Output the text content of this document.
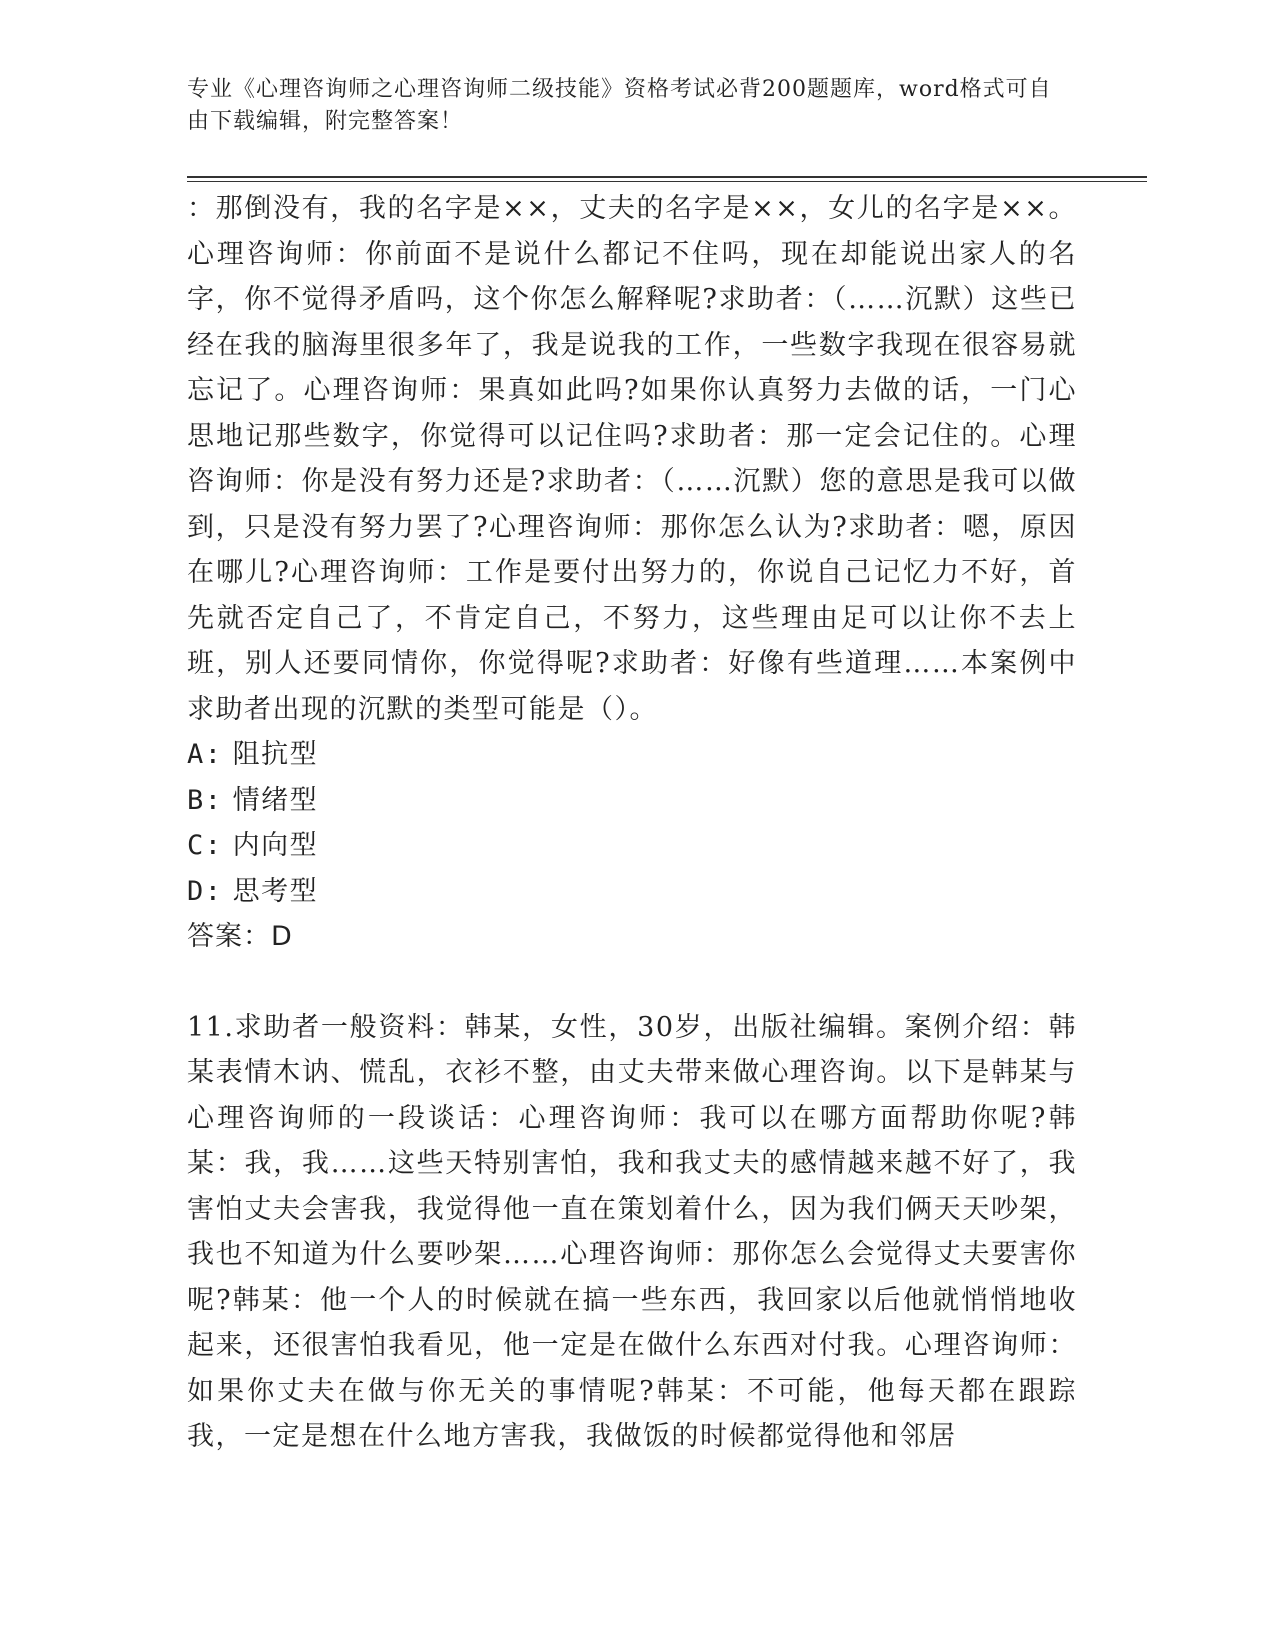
专业《心理咨询师之心理咨询师二级技能》资格考试必背200题题库，word格式可自由下载编辑，附完整答案！

：那倒没有，我的名字是××，丈夫的名字是××，女儿的名字是××。心理咨询师：你前面不是说什么都记不住吗，现在却能说出家人的名字，你不觉得矛盾吗，这个你怎么解释呢?求助者：（……沉默）这些已经在我的脑海里很多年了，我是说我的工作，一些数字我现在很容易就忘记了。心理咨询师：果真如此吗?如果你认真努力去做的话，一门心思地记那些数字，你觉得可以记住吗?求助者：那一定会记住的。心理咨询师：你是没有努力还是?求助者：（……沉默）您的意思是我可以做到，只是没有努力罢了?心理咨询师：那你怎么认为?求助者：嗯，原因在哪儿?心理咨询师：工作是要付出努力的，你说自己记忆力不好，首先就否定自己了，不肯定自己，不努力，这些理由足可以让你不去上班，别人还要同情你，你觉得呢?求助者：好像有些道理……本案例中求助者出现的沉默的类型可能是（）。

A: 阻抗型

B: 情绪型

C: 内向型

D: 思考型

答案：D

11.求助者一般资料：韩某，女性，30岁，出版社编辑。案例介绍：韩某表情木讷、慌乱，衣衫不整，由丈夫带来做心理咨询。以下是韩某与心理咨询师的一段谈话：心理咨询师：我可以在哪方面帮助你呢?韩某：我，我……这些天特别害怕，我和我丈夫的感情越来越不好了，我害怕丈夫会害我，我觉得他一直在策划着什么，因为我们俩天天吵架，我也不知道为什么要吵架……心理咨询师：那你怎么会觉得丈夫要害你呢?韩某：他一个人的时候就在搞一些东西，我回家以后他就悄悄地收起来，还很害怕我看见，他一定是在做什么东西对付我。心理咨询师：如果你丈夫在做与你无关的事情呢?韩某：不可能，他每天都在跟踪我，一定是想在什么地方害我，我做饭的时候都觉得他和邻居
